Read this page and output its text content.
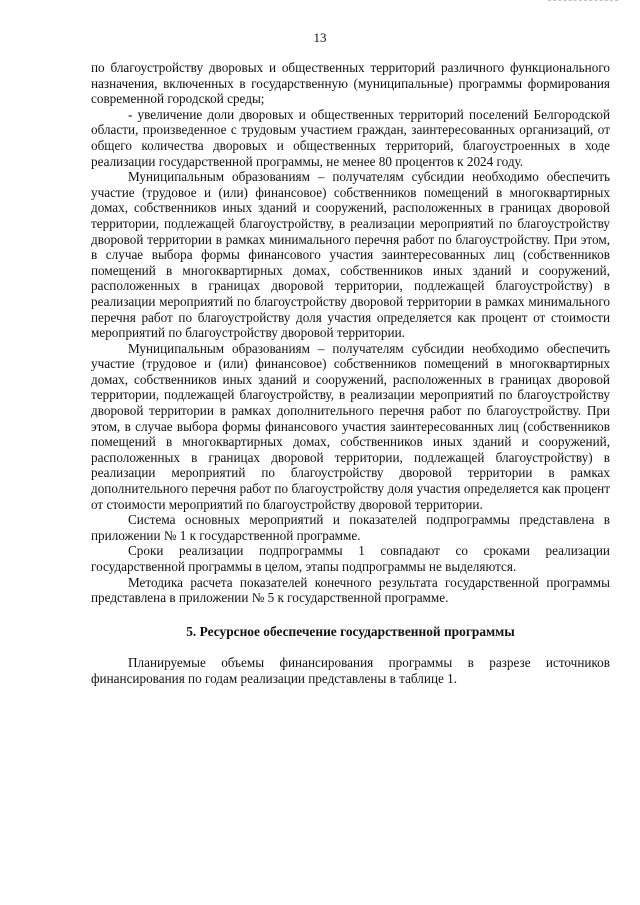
13

по благоустройству дворовых и общественных территорий различного функционального назначения, включенных в государственную (муниципальные) программы формирования современной городской среды;

- увеличение доли дворовых и общественных территорий поселений Белгородской области, произведенное с трудовым участием граждан, заинтересованных организаций, от общего количества дворовых и общественных территорий, благоустроенных в ходе реализации государственной программы, не менее 80 процентов к 2024 году.

Муниципальным образованиям – получателям субсидии необходимо обеспечить участие (трудовое и (или) финансовое) собственников помещений в многоквартирных домах, собственников иных зданий и сооружений, расположенных в границах дворовой территории, подлежащей благоустройству, в реализации мероприятий по благоустройству дворовой территории в рамках минимального перечня работ по благоустройству. При этом, в случае выбора формы финансового участия заинтересованных лиц (собственников помещений в многоквартирных домах, собственников иных зданий и сооружений, расположенных в границах дворовой территории, подлежащей благоустройству) в реализации мероприятий по благоустройству дворовой территории в рамках минимального перечня работ по благоустройству доля участия определяется как процент от стоимости мероприятий по благоустройству дворовой территории.

Муниципальным образованиям – получателям субсидии необходимо обеспечить участие (трудовое и (или) финансовое) собственников помещений в многоквартирных домах, собственников иных зданий и сооружений, расположенных в границах дворовой территории, подлежащей благоустройству, в реализации мероприятий по благоустройству дворовой территории в рамках дополнительного перечня работ по благоустройству. При этом, в случае выбора формы финансового участия заинтересованных лиц (собственников помещений в многоквартирных домах, собственников иных зданий и сооружений, расположенных в границах дворовой территории, подлежащей благоустройству) в реализации мероприятий по благоустройству дворовой территории в рамках дополнительного перечня работ по благоустройству доля участия определяется как процент от стоимости мероприятий по благоустройству дворовой территории.

Система основных мероприятий и показателей подпрограммы представлена в приложении № 1 к государственной программе.

Сроки реализации подпрограммы 1 совпадают со сроками реализации государственной программы в целом, этапы подпрограммы не выделяются.

Методика расчета показателей конечного результата государственной программы представлена в приложении № 5 к государственной программе.

5. Ресурсное обеспечение государственной программы

Планируемые объемы финансирования программы в разрезе источников финансирования по годам реализации представлены в таблице 1.
